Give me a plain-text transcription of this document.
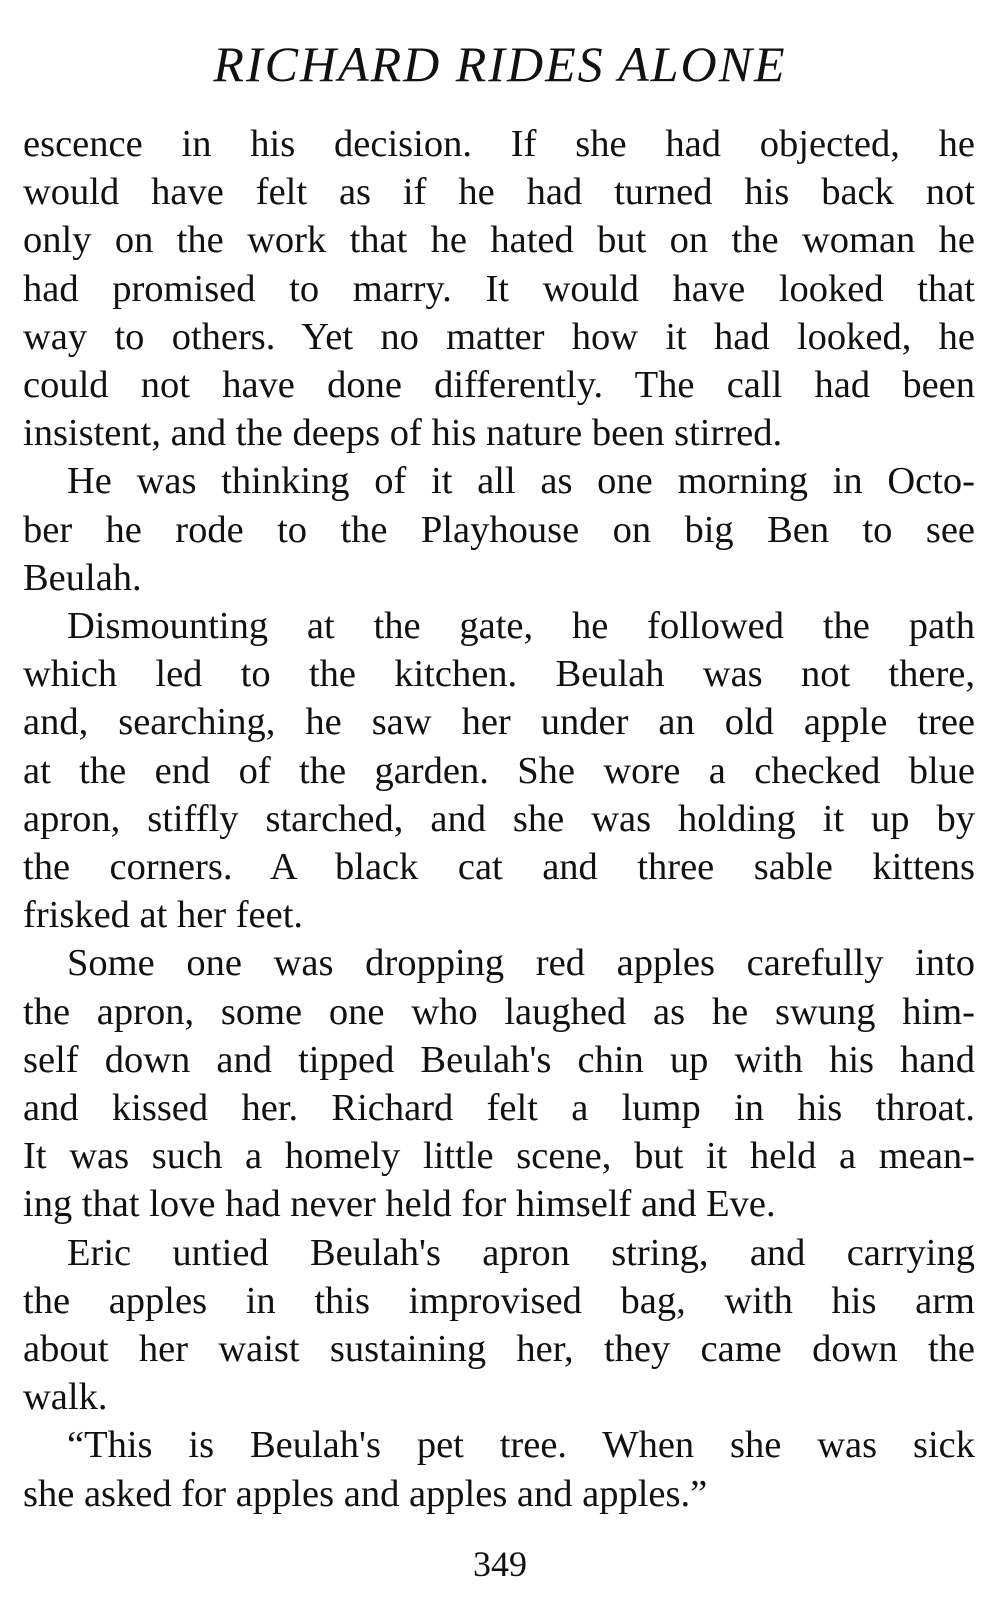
RICHARD RIDES ALONE
escence in his decision. If she had objected, he
would have felt as if he had turned his back not
only on the work that he hated but on the woman he
had promised to marry. It would have looked that
way to others. Yet no matter how it had looked, he
could not have done differently. The call had been
insistent, and the deeps of his nature been stirred.
He was thinking of it all as one morning in Octo-
ber he rode to the Playhouse on big Ben to see
Beulah.
Dismounting at the gate, he followed the path
which led to the kitchen. Beulah was not there,
and, searching, he saw her under an old apple tree
at the end of the garden. She wore a checked blue
apron, stiffly starched, and she was holding it up by
the corners. A black cat and three sable kittens
frisked at her feet.
Some one was dropping red apples carefully into
the apron, some one who laughed as he swung him-
self down and tipped Beulah's chin up with his hand
and kissed her. Richard felt a lump in his throat.
It was such a homely little scene, but it held a mean-
ing that love had never held for himself and Eve.
Eric untied Beulah's apron string, and carrying
the apples in this improvised bag, with his arm
about her waist sustaining her, they came down the
walk.
“This is Beulah's pet tree. When she was sick
she asked for apples and apples and apples.”
349
